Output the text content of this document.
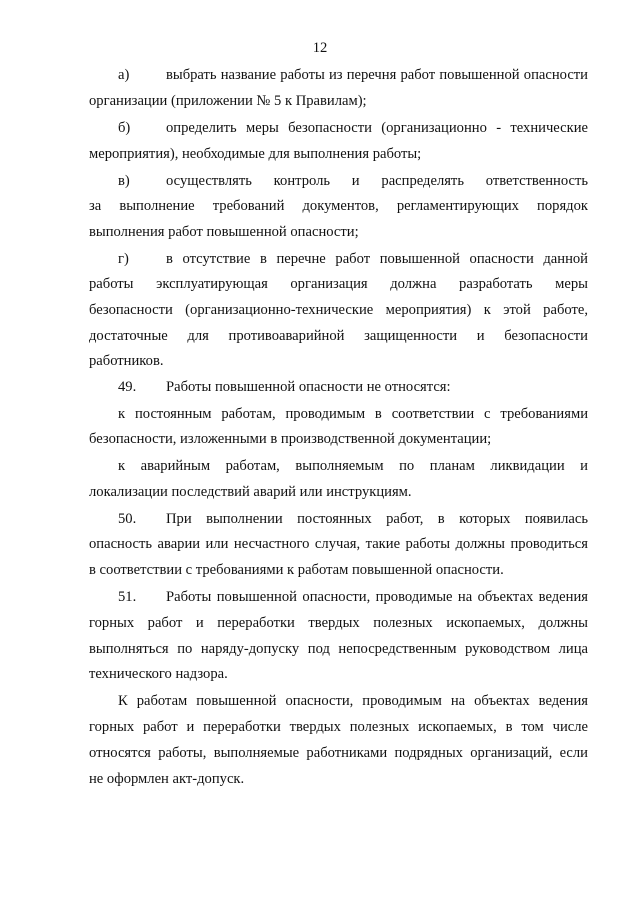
12
а)	выбрать название работы из перечня работ повышенной опасности
организации (приложении № 5 к Правилам);
б) определить меры безопасности (организационно - технические
мероприятия), необходимые для выполнения работы;
в) осуществлять контроль и распределять ответственность
за выполнение требований документов, регламентирующих порядок
выполнения работ повышенной опасности;
г)	в отсутствие в перечне работ повышенной опасности данной
работы эксплуатирующая организация должна разработать меры
безопасности (организационно-технические мероприятия) к этой работе,
достаточные для противоаварийной защищенности и безопасности
работников.
49. Работы повышенной опасности не относятся:
к постоянным работам, проводимым в соответствии с требованиями
безопасности, изложенными в производственной документации;
к аварийным работам, выполняемым по планам ликвидации и
локализации последствий аварий или инструкциям.
50. При выполнении постоянных работ, в которых появилась
опасность аварии или несчастного случая, такие работы должны проводиться
в соответствии с требованиями к работам повышенной опасности.
51. Работы повышенной опасности, проводимые на объектах ведения
горных работ и переработки твердых полезных ископаемых, должны
выполняться по наряду-допуску под непосредственным руководством лица
технического надзора.
К работам повышенной опасности, проводимым на объектах ведения
горных работ и переработки твердых полезных ископаемых, в том числе
относятся работы, выполняемые работниками подрядных организаций, если
не оформлен акт-допуск.
